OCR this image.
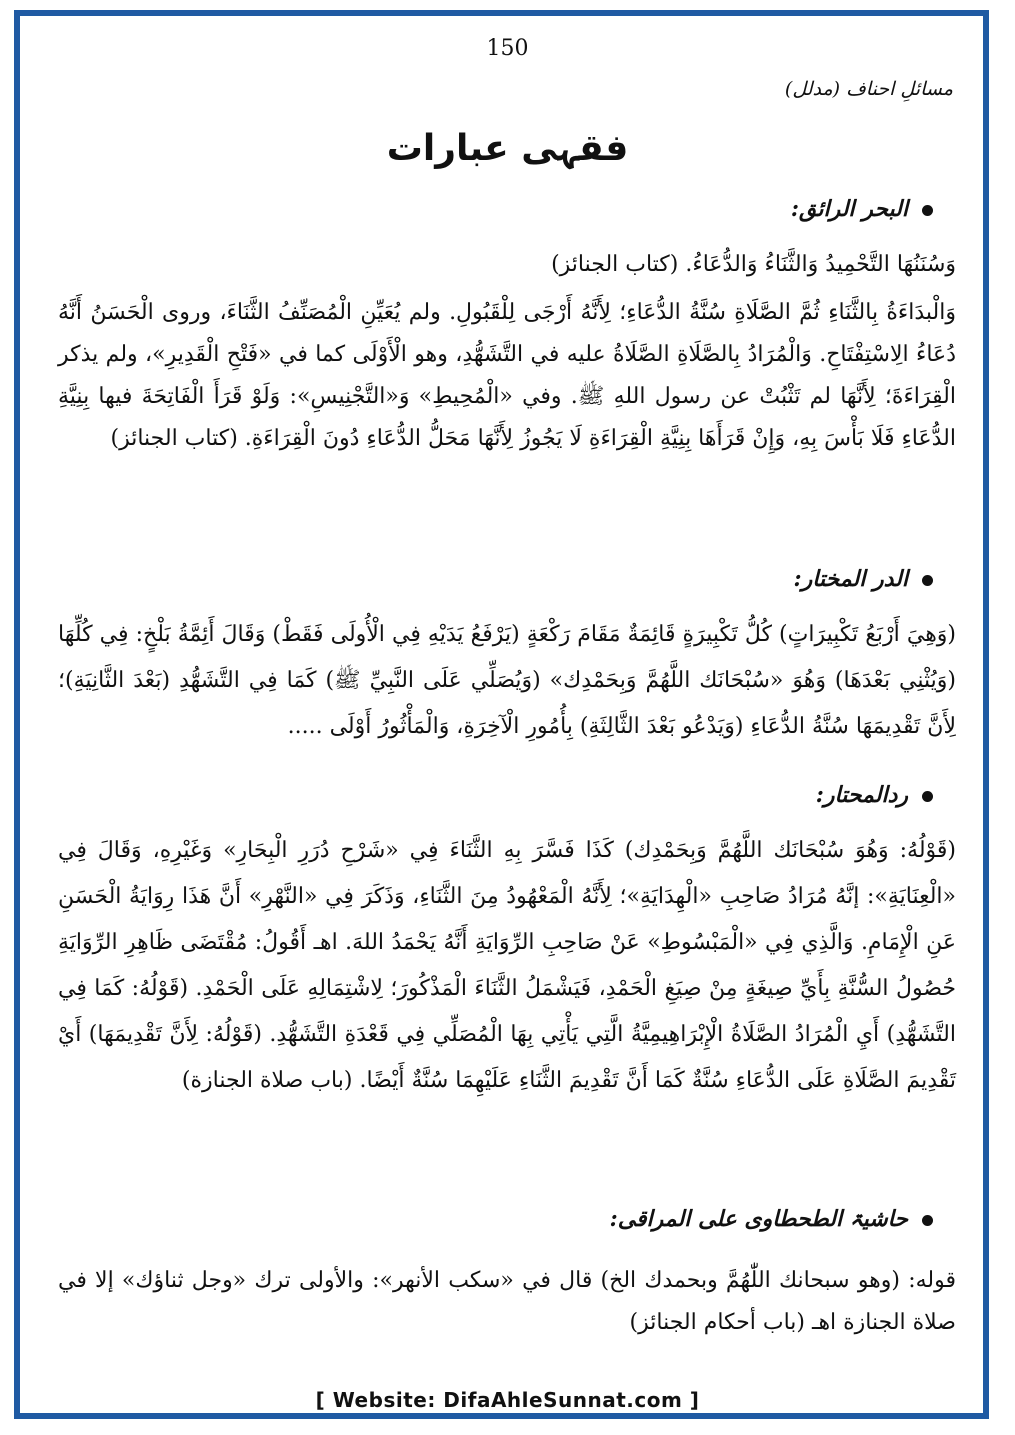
150
مسائلِ احناف (مدلل)
فقہی عبارات
البحر الرائق:
وَسُنَنُهَا التَّحْمِيدُ وَالثَّنَاءُ وَالدُّعَاءُ. (كتاب الجنائز)
وَالْبدَاءَةُ بِالثَّنَاءِ ثُمَّ الصَّلَاةِ سُنَّةُ الدُّعَاءِ؛ لِأَنَّهُ أَرْجَى لِلْقَبُولِ. ولم يُعَيِّنِ الْمُصَنِّفُ الثَّنَاءَ، وروى الْحَسَنُ أَنَّهُ دُعَاءُ الِاسْتِفْتَاحِ. وَالْمُرَادُ بِالصَّلَاةِ الصَّلَاةُ عليه في التَّشَهُّدِ، وهو الْأَوْلَى كما في «فَتْحِ الْقَدِيرِ»، ولم يذكر الْقِرَاءَةَ؛ لِأَنَّهَا لم تَثْبُتْ عن رسول اللهِ ﷺ. وفي «الْمُحِيطِ» وَ«التَّجْنِيسِ»: وَلَوْ قَرَأَ الْفَاتِحَةَ فيها بِنِيَّةِ الدُّعَاءِ فَلَا بَأْسَ بِهِ، وَإِنْ قَرَأَهَا بِنِيَّةِ الْقِرَاءَةِ لَا يَجُوزُ لِأَنَّهَا مَحَلُّ الدُّعَاءِ دُونَ الْقِرَاءَةِ. (كتاب الجنائز)
الدر المختار:
(وَهِيَ أَرْبَعُ تَكْبِيرَاتٍ) كُلُّ تَكْبِيرَةٍ قَائِمَةٌ مَقَامَ رَكْعَةٍ (يَرْفَعُ يَدَيْهِ فِي الْأُولَى فَقَطْ) وَقَالَ أَئِمَّةُ بَلْخٍ: فِي كُلِّهَا (وَيُثْنِي بَعْدَهَا) وَهُوَ «سُبْحَانَك اللَّهُمَّ وَبِحَمْدِك» (وَيُصَلِّي عَلَى النَّبِيِّ ﷺ) كَمَا فِي التَّشَهُّدِ (بَعْدَ الثَّانِيَةِ)؛ لِأَنَّ تَقْدِيمَهَا سُنَّةُ الدُّعَاءِ (وَيَدْعُو بَعْدَ الثَّالِثَةِ) بِأُمُورِ الْآخِرَةِ، وَالْمَأْثُورُ أَوْلَى .....
ردالمحتار:
(قَوْلُهُ: وَهُوَ سُبْحَانَك اللَّهُمَّ وَبِحَمْدِك) كَذَا فَسَّرَ بِهِ الثَّنَاءَ فِي «شَرْحِ دُرَرِ الْبِحَارِ» وَغَيْرِهِ، وَقَالَ فِي «الْعِنَايَةِ»: إنَّهُ مُرَادُ صَاحِبِ «الْهِدَايَةِ»؛ لِأَنَّهُ الْمَعْهُودُ مِنَ الثَّنَاءِ، وَذَكَرَ فِي «النَّهْرِ» أَنَّ هَذَا رِوَايَةُ الْحَسَنِ عَنِ الْإِمَامِ. وَالَّذِي فِي «الْمَبْسُوطِ» عَنْ صَاحِبِ الرِّوَايَةِ أَنَّهُ يَحْمَدُ اللهَ. اهـ أَقُولُ: مُقْتَضَى ظَاهِرِ الرِّوَايَةِ حُصُولُ السُّنَّةِ بِأَيِّ صِيغَةٍ مِنْ صِيَغِ الْحَمْدِ، فَيَشْمَلُ الثَّنَاءَ الْمَذْكُورَ؛ لِاشْتِمَالِهِ عَلَى الْحَمْدِ. (قَوْلُهُ: كَمَا فِي التَّشَهُّدِ) أَيِ الْمُرَادُ الصَّلَاةُ الْإِبْرَاهِيمِيَّةُ الَّتِي يَأْتِي بِهَا الْمُصَلِّي فِي قَعْدَةِ التَّشَهُّدِ. (قَوْلُهُ: لِأَنَّ تَقْدِيمَهَا) أَيْ تَقْدِيمَ الصَّلَاةِ عَلَى الدُّعَاءِ سُنَّةٌ كَمَا أَنَّ تَقْدِيمَ الثَّنَاءِ عَلَيْهِمَا سُنَّةٌ أَيْضًا. (باب صلاة الجنازة)
حاشیۃ الطحطاوی علی المراقی:
قوله: (وهو سبحانك اللّٰهُمَّ وبحمدك الخ) قال في «سكب الأنهر»: والأولى ترك «وجل ثناؤك» إلا في صلاة الجنازة اهـ (باب أحكام الجنائز)
[ Website: DifaAhleSunnat.com ]
